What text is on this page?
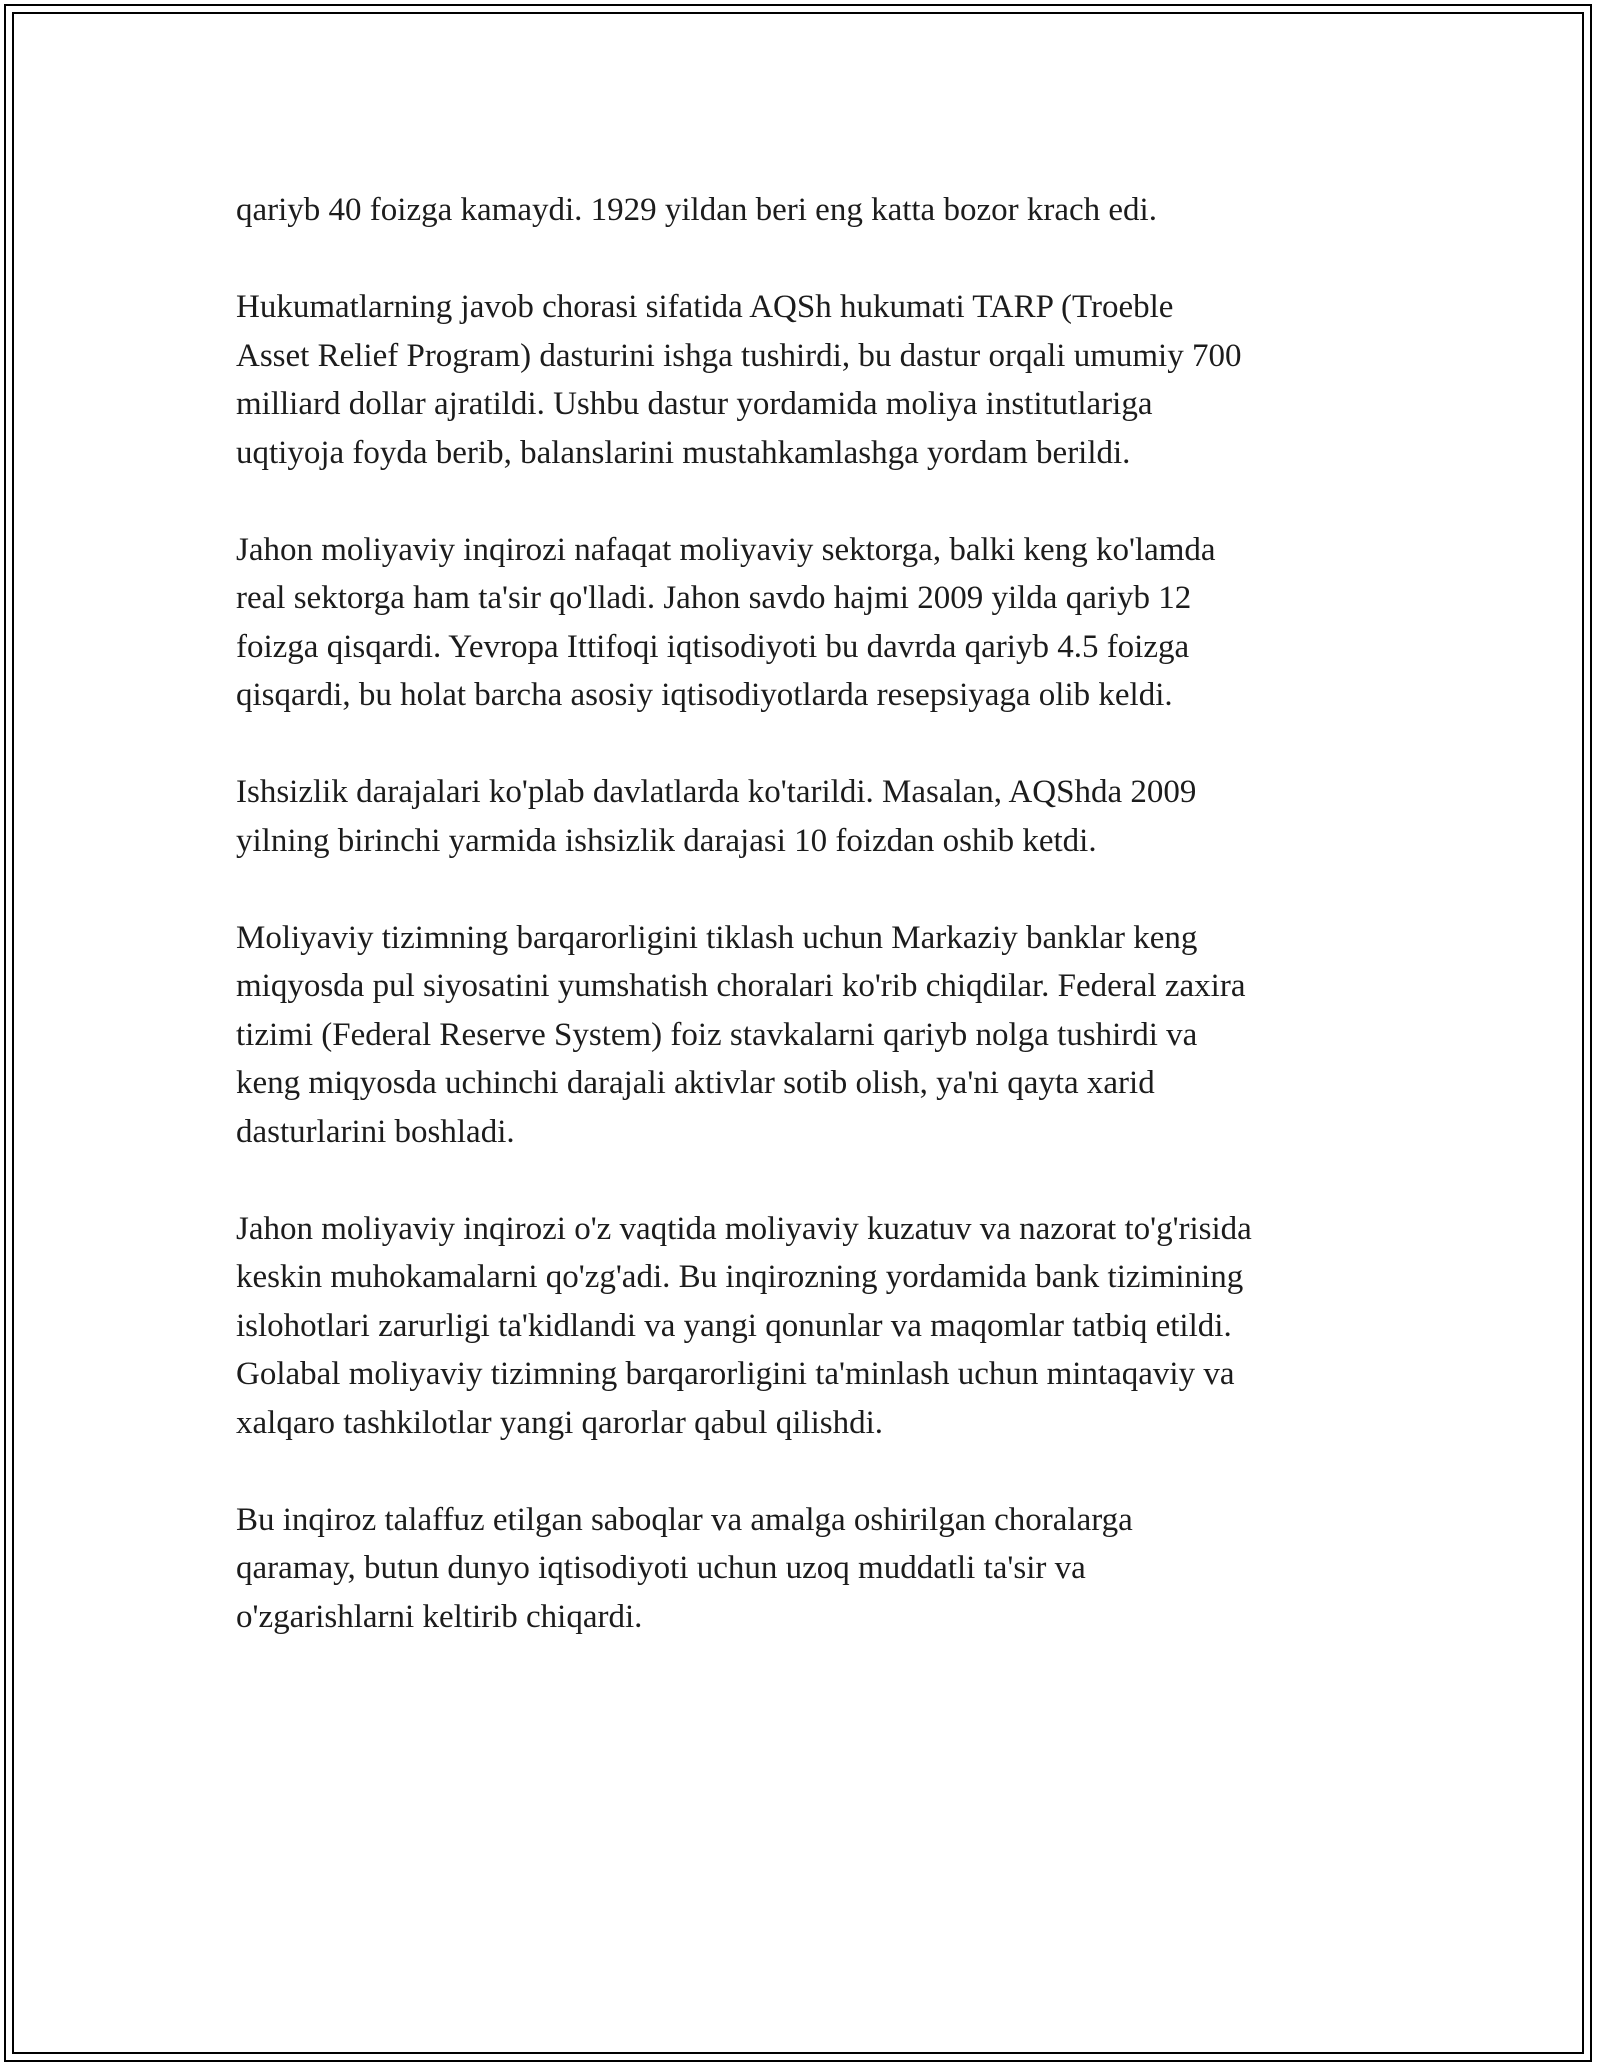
qariyb 40 foizga kamaydi. 1929 yildan beri eng katta bozor krach edi.

Hukumatlarning javob chorasi sifatida AQSh hukumati TARP (Troeble
Asset Relief Program) dasturini ishga tushirdi, bu dastur orqali umumiy 700
milliard dollar ajratildi. Ushbu dastur yordamida moliya institutlariga
uqtiyoja foyda berib, balanslarini mustahkamlashga yordam berildi.

Jahon moliyaviy inqirozi nafaqat moliyaviy sektorga, balki keng ko'lamda
real sektorga ham ta'sir qo'lladi. Jahon savdo hajmi 2009 yilda qariyb 12
foizga qisqardi. Yevropa Ittifoqi iqtisodiyoti bu davrda qariyb 4.5 foizga
qisqardi, bu holat barcha asosiy iqtisodiyotlarda resepsiyaga olib keldi.

Ishsizlik darajalari ko'plab davlatlarda ko'tarildi. Masalan, AQShda 2009
yilning birinchi yarmida ishsizlik darajasi 10 foizdan oshib ketdi.

Moliyaviy tizimning barqarorligini tiklash uchun Markaziy banklar keng
miqyosda pul siyosatini yumshatish choralari ko'rib chiqdilar. Federal zaxira
tizimi (Federal Reserve System) foiz stavkalarni qariyb nolga tushirdi va
keng miqyosda uchinchi darajali aktivlar sotib olish, ya'ni qayta xarid
dasturlarini boshladi.

Jahon moliyaviy inqirozi o'z vaqtida moliyaviy kuzatuv va nazorat to'g'risida
keskin muhokamalarni qo'zg'adi. Bu inqirozning yordamida bank tizimining
islohotlari zarurligi ta'kidlandi va yangi qonunlar va maqomlar tatbiq etildi.
Golabal moliyaviy tizimning barqarorligini ta'minlash uchun mintaqaviy va
xalqaro tashkilotlar yangi qarorlar qabul qilishdi.

Bu inqiroz talaffuz etilgan saboqlar va amalga oshirilgan choralarga
qaramay, butun dunyo iqtisodiyoti uchun uzoq muddatli ta'sir va
o'zgarishlarni keltirib chiqardi.
